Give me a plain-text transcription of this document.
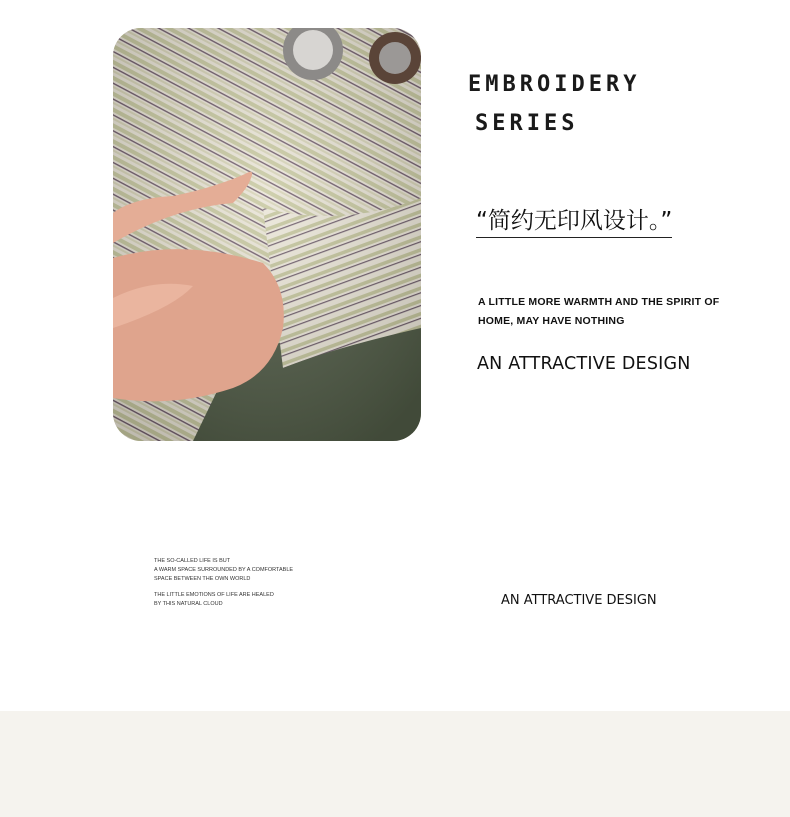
EMBROIDERY
SERIES
“简约无印风设计。”
A LITTLE MORE WARMTH AND THE SPIRIT OF HOME, MAY HAVE NOTHING
AN ATTRACTIVE DESIGN
THE SO-CALLED LIFE IS BUT
A WARM SPACE SURROUNDED BY A COMFORTABLE
SPACE BETWEEN THE OWN WORLD
THE LITTLE EMOTIONS OF LIFE ARE HEALED
BY THIS NATURAL CLOUD	AN ATTRACTIVE DESIGN
